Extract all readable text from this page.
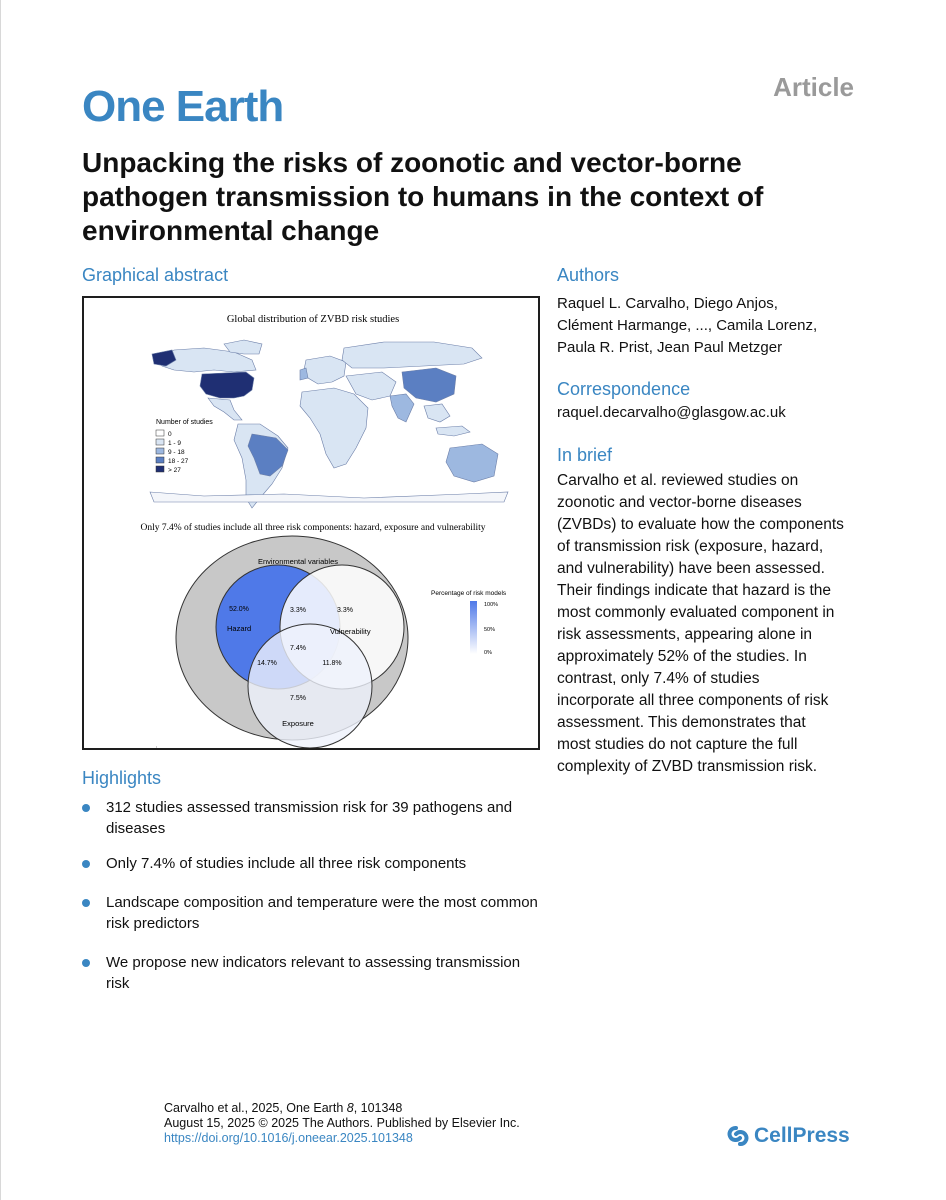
One Earth	Article
Unpacking the risks of zoonotic and vector-borne pathogen transmission to humans in the context of environmental change
Graphical abstract
Global distribution of ZVBD risk studies
Number of studies
0
1 - 9
9 - 18
18 - 27
> 27
Only 7.4% of studies include all three risk components: hazard, exposure and vulnerability
Environmental variables
52.0%
Hazard
3.3%	3.3%
Vulnerability
7.4%
14.7%	11.8%
7.5%
Exposure
Percentage of risk models
100%
50%
0%
|
Authors
Raquel L. Carvalho, Diego Anjos,
Clément Harmange, ..., Camila Lorenz,
Paula R. Prist, Jean Paul Metzger
Correspondence
raquel.decarvalho@glasgow.ac.uk
In brief
Carvalho et al. reviewed studies on
zoonotic and vector-borne diseases
(ZVBDs) to evaluate how the components
of transmission risk (exposure, hazard,
and vulnerability) have been assessed.
Their findings indicate that hazard is the
most commonly evaluated component in
risk assessments, appearing alone in
approximately 52% of the studies. In
contrast, only 7.4% of studies
incorporate all three components of risk
assessment. This demonstrates that
most studies do not capture the full
complexity of ZVBD transmission risk.
Highlights
312 studies assessed transmission risk for 39 pathogens and diseases
Only 7.4% of studies include all three risk components
Landscape composition and temperature were the most common risk predictors
We propose new indicators relevant to assessing transmission risk
Carvalho et al., 2025, One Earth 8, 101348
August 15, 2025 © 2025 The Authors. Published by Elsevier Inc.
https://doi.org/10.1016/j.oneear.2025.101348	CellPress
